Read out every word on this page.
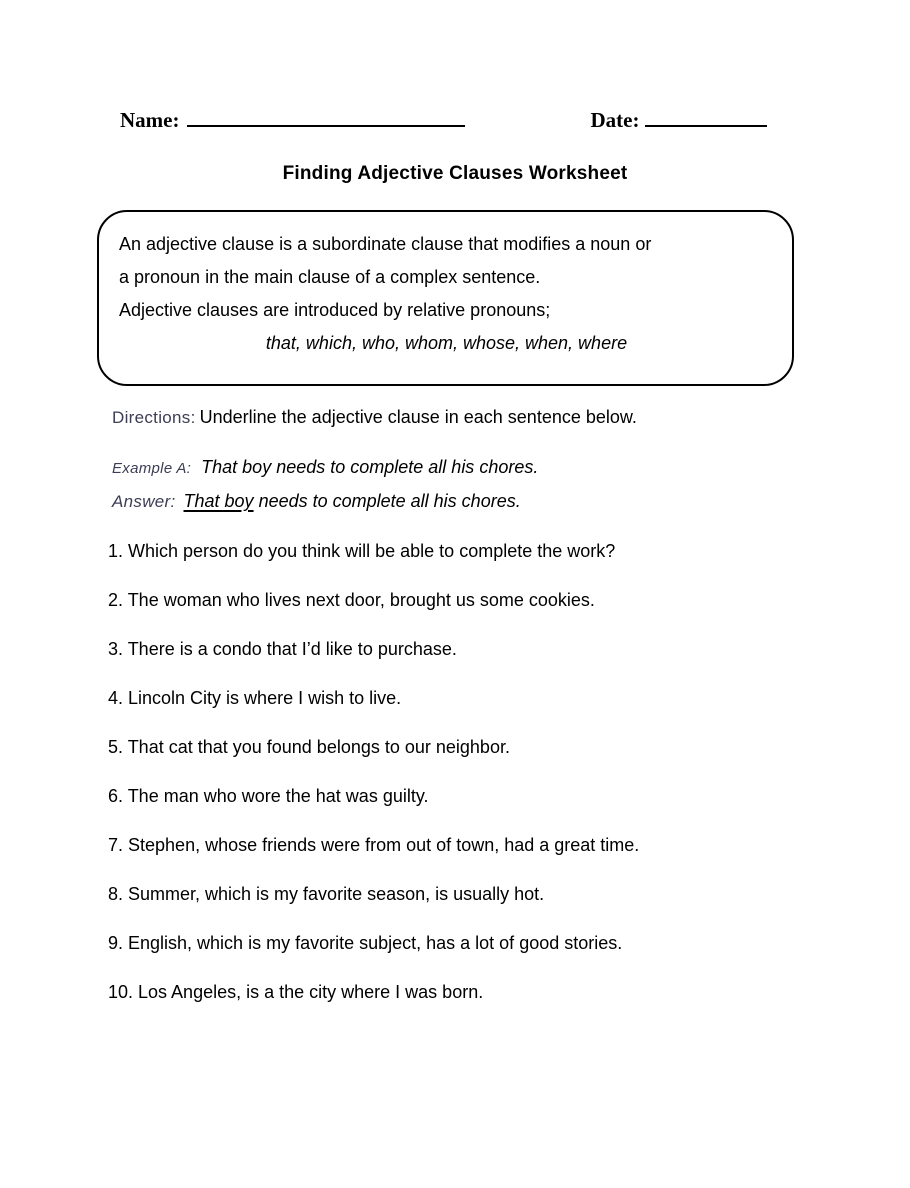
Name:	Date:
Finding Adjective Clauses Worksheet
An adjective clause is a subordinate clause that modifies a noun or
a pronoun in the main clause of a complex sentence.
Adjective clauses are introduced by relative pronouns;
that, which, who, whom, whose, when, where
Directions: Underline the adjective clause in each sentence below.
Example A: That boy needs to complete all his chores.
Answer: That boy needs to complete all his chores.
1. Which person do you think will be able to complete the work?
2. The woman who lives next door, brought us some cookies.
3. There is a condo that I’d like to purchase.
4. Lincoln City is where I wish to live.
5. That cat that you found belongs to our neighbor.
6. The man who wore the hat was guilty.
7. Stephen, whose friends were from out of town, had a great time.
8. Summer, which is my favorite season, is usually hot.
9. English, which is my favorite subject, has a lot of good stories.
10. Los Angeles, is a the city where I was born.
